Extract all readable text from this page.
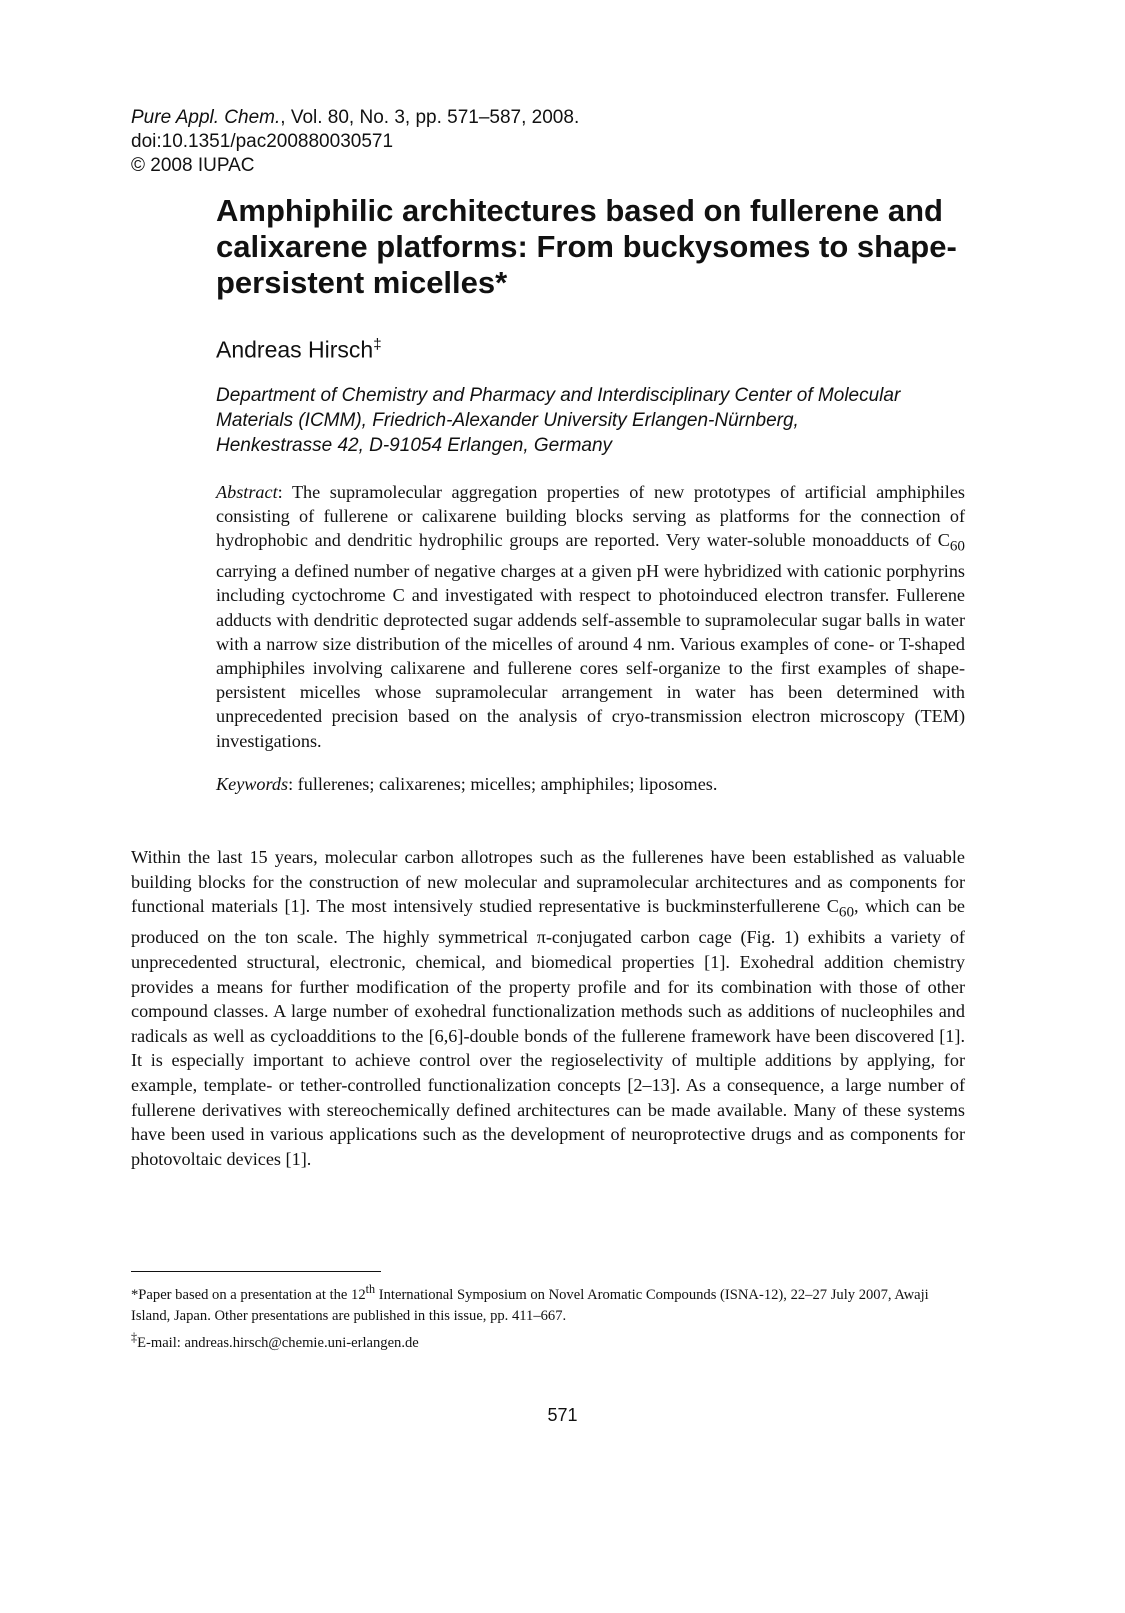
Pure Appl. Chem., Vol. 80, No. 3, pp. 571–587, 2008.
doi:10.1351/pac200880030571
© 2008 IUPAC
Amphiphilic architectures based on fullerene and calixarene platforms: From buckysomes to shape-persistent micelles*
Andreas Hirsch‡
Department of Chemistry and Pharmacy and Interdisciplinary Center of Molecular
Materials (ICMM), Friedrich-Alexander University Erlangen-Nürnberg,
Henkestrasse 42, D-91054 Erlangen, Germany
Abstract: The supramolecular aggregation properties of new prototypes of artificial amphiphiles consisting of fullerene or calixarene building blocks serving as platforms for the connection of hydrophobic and dendritic hydrophilic groups are reported. Very water-soluble monoadducts of $C_{60}$ carrying a defined number of negative charges at a given pH were hybridized with cationic porphyrins including cyctochrome C and investigated with respect to photoinduced electron transfer. Fullerene adducts with dendritic deprotected sugar addends self-assemble to supramolecular sugar balls in water with a narrow size distribution of the micelles of around 4 nm. Various examples of cone- or T-shaped amphiphiles involving calixarene and fullerene cores self-organize to the first examples of shape-persistent micelles whose supramolecular arrangement in water has been determined with unprecedented precision based on the analysis of cryo-transmission electron microscopy (TEM) investigations.
Keywords: fullerenes; calixarenes; micelles; amphiphiles; liposomes.
Within the last 15 years, molecular carbon allotropes such as the fullerenes have been established as valuable building blocks for the construction of new molecular and supramolecular architectures and as components for functional materials [1]. The most intensively studied representative is buckminsterfullerene $C_{60}$, which can be produced on the ton scale. The highly symmetrical π-conjugated carbon cage (Fig. 1) exhibits a variety of unprecedented structural, electronic, chemical, and biomedical properties [1]. Exohedral addition chemistry provides a means for further modification of the property profile and for its combination with those of other compound classes. A large number of exohedral functionalization methods such as additions of nucleophiles and radicals as well as cycloadditions to the [6,6]-double bonds of the fullerene framework have been discovered [1]. It is especially important to achieve control over the regioselectivity of multiple additions by applying, for example, template- or tether-controlled functionalization concepts [2–13]. As a consequence, a large number of fullerene derivatives with stereochemically defined architectures can be made available. Many of these systems have been used in various applications such as the development of neuroprotective drugs and as components for photovoltaic devices [1].
*Paper based on a presentation at the 12th International Symposium on Novel Aromatic Compounds (ISNA-12), 22–27 July 2007, Awaji Island, Japan. Other presentations are published in this issue, pp. 411–667.
‡E-mail: andreas.hirsch@chemie.uni-erlangen.de
571
